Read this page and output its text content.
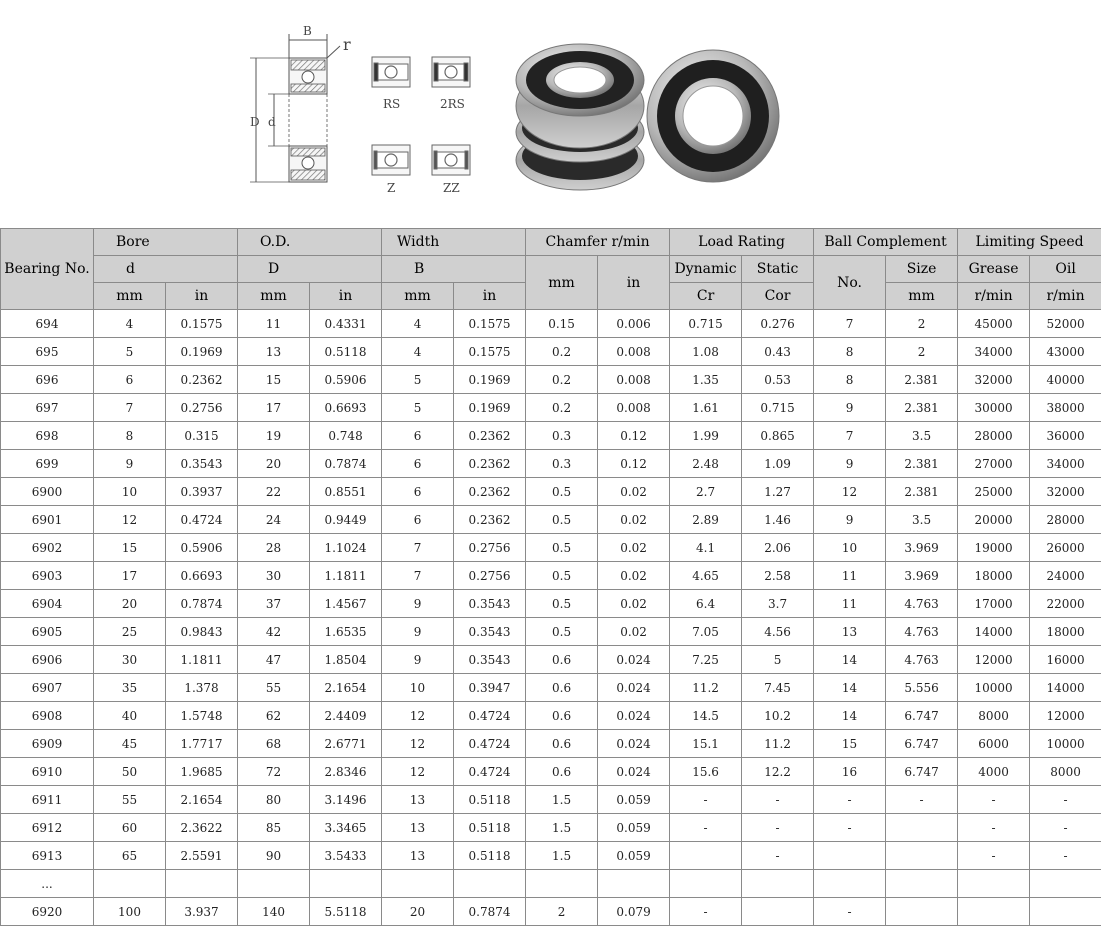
B
r
D d
RS	2RS
Z	ZZ
Bearing No.	Bore		O.D.		Width		Chamfer r/min		Load Rating		Ball Complement		Limiting Speed	
	d		D		B		mm	in	Dynamic	Static	No.	Size	Grease	Oil
	mm	in	mm	in	mm	in			Cr	Cor		mm	r/min	r/min
694	4	0.1575	11	0.4331	4	0.1575	0.15	0.006	0.715	0.276	7	2	45000	52000
695	5	0.1969	13	0.5118	4	0.1575	0.2	0.008	1.08	0.43	8	2	34000	43000
696	6	0.2362	15	0.5906	5	0.1969	0.2	0.008	1.35	0.53	8	2.381	32000	40000
697	7	0.2756	17	0.6693	5	0.1969	0.2	0.008	1.61	0.715	9	2.381	30000	38000
698	8	0.315	19	0.748	6	0.2362	0.3	0.12	1.99	0.865	7	3.5	28000	36000
699	9	0.3543	20	0.7874	6	0.2362	0.3	0.12	2.48	1.09	9	2.381	27000	34000
6900	10	0.3937	22	0.8551	6	0.2362	0.5	0.02	2.7	1.27	12	2.381	25000	32000
6901	12	0.4724	24	0.9449	6	0.2362	0.5	0.02	2.89	1.46	9	3.5	20000	28000
6902	15	0.5906	28	1.1024	7	0.2756	0.5	0.02	4.1	2.06	10	3.969	19000	26000
6903	17	0.6693	30	1.1811	7	0.2756	0.5	0.02	4.65	2.58	11	3.969	18000	24000
6904	20	0.7874	37	1.4567	9	0.3543	0.5	0.02	6.4	3.7	11	4.763	17000	22000
6905	25	0.9843	42	1.6535	9	0.3543	0.5	0.02	7.05	4.56	13	4.763	14000	18000
6906	30	1.1811	47	1.8504	9	0.3543	0.6	0.024	7.25	5	14	4.763	12000	16000
6907	35	1.378	55	2.1654	10	0.3947	0.6	0.024	11.2	7.45	14	5.556	10000	14000
6908	40	1.5748	62	2.4409	12	0.4724	0.6	0.024	14.5	10.2	14	6.747	8000	12000
6909	45	1.7717	68	2.6771	12	0.4724	0.6	0.024	15.1	11.2	15	6.747	6000	10000
6910	50	1.9685	72	2.8346	12	0.4724	0.6	0.024	15.6	12.2	16	6.747	4000	8000
6911	55	2.1654	80	3.1496	13	0.5118	1.5	0.059	-	-	-	-	-	-
6912	60	2.3622	85	3.3465	13	0.5118	1.5	0.059	-	-	-		-	-
6913	65	2.5591	90	3.5433	13	0.5118	1.5	0.059		-			-	-
...														
6920	100	3.937	140	5.5118	20	0.7874	2	0.079	-		-			
